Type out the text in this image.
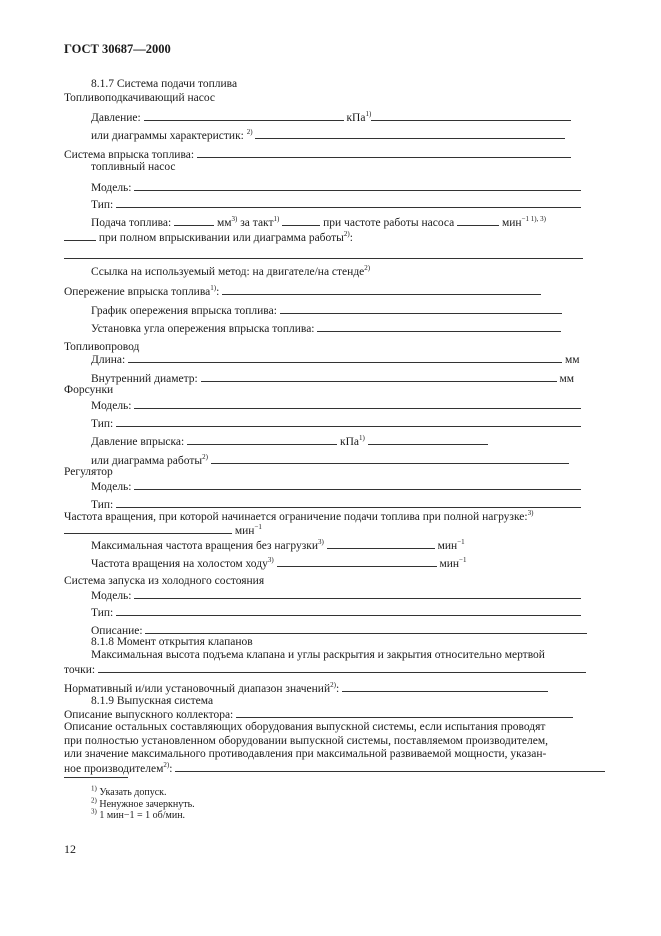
ГОСТ 30687—2000
8.1.7 Система подачи топлива
Топливоподкачивающий насос
Давление:	кПа$^{1)}$
или диаграммы характеристик: $^{2)}$
Система впрыска топлива:
топливный насос
Модель:
Тип:
Подача топлива:	$мм^{3)}$ за такт$^{1)}$	при частоте работы насоса	мин$^{-1 1), 3)}$
при полном впрыскивании или диаграмма работы$^{2)}$:
Ссылка на используемый метод: на двигателе/на стенде$^{2)}$
Опережение впрыска топлива$^{1)}$:
График опережения впрыска топлива:
Установка угла опережения впрыска топлива:
Топливопровод
Длина:	мм
Внутренний диаметр:	мм
Форсунки
Модель:
Тип:
Давление впрыска:	кПа$^{1)}$
или диаграмма работы$^{2)}$
Регулятор
Модель:
Тип:
Частота вращения, при которой начинается ограничение подачи топлива при полной нагрузке:$^{3)}$
мин$^{-1}$
Максимальная частота вращения без нагрузки$^{3)}$	мин$^{-1}$
Частота вращения на холостом ходу$^{3)}$	мин$^{-1}$
Система запуска из холодного состояния
Модель:
Тип:
Описание:
8.1.8 Момент открытия клапанов
Максимальная высота подъема клапана и углы раскрытия и закрытия относительно мертвой
точки:
Нормативный и/или установочный диапазон значений$^{2)}$:
8.1.9 Выпускная система
Описание выпускного коллектора:
Описание остальных составляющих оборудования выпускной системы, если испытания проводят
при полностью установленном оборудовании выпускной системы, поставляемом производителем,
или значение максимального противодавления при максимальной развиваемой мощности, указан-
ное производителем$^{2)}$:
$^{1)}$ Указать допуск.
$^{2)}$ Ненужное зачеркнуть.
$^{3)}$ 1 мин−1 = 1 об/мин.
12
